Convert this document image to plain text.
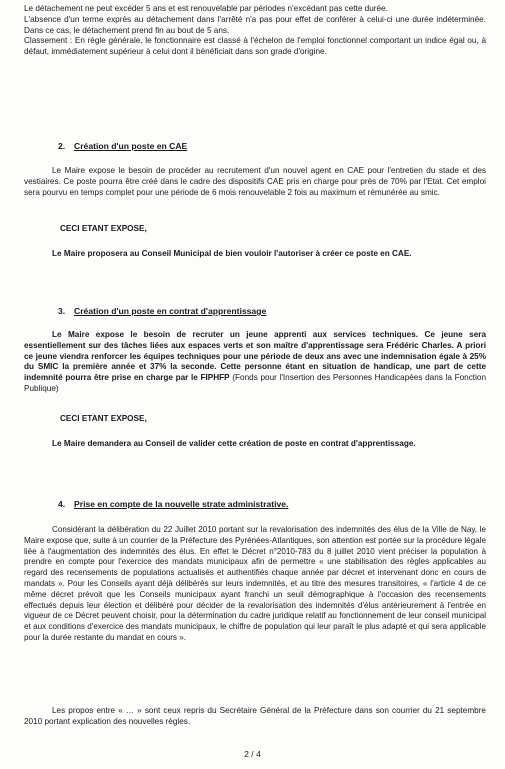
Le détachement ne peut excéder 5 ans et est renouvelable par périodes n'excédant pas cette durée.

L'absence d'un terme exprès au détachement dans l'arrêté n'a pas pour effet de conférer à celui-ci une durée indéterminée. Dans ce cas, le détachement prend fin au bout de 5 ans.

Classement : En règle générale, le fonctionnaire est classé à l'échelon de l'emploi fonctionnel comportant un indice égal ou, à défaut, immédiatement supérieur à celui dont il bénéficiait dans son grade d'origine.

2. Création d'un poste en CAE

Le Maire expose le besoin de procéder au recrutement d'un nouvel agent en CAE pour l'entretien du stade et des vestiaires. Ce poste pourra être créé dans le cadre des dispositifs CAE pris en charge pour près de 70% par l'Etat. Cet emploi sera pourvu en temps complet pour une période de 6 mois renouvelable 2 fois au maximum et rémunérée au smic.

CECI ETANT EXPOSE,

Le Maire proposera au Conseil Municipal de bien vouloir l'autoriser à créer ce poste en CAE.

3. Création d'un poste en contrat d'apprentissage

Le Maire expose le besoin de recruter un jeune apprenti aux services techniques. Ce jeune sera essentiellement sur des tâches liées aux espaces verts et son maître d'apprentissage sera Frédéric Charles. A priori ce jeune viendra renforcer les équipes techniques pour une période de deux ans avec une indemnisation égale à 25% du SMIC la première année et 37% la seconde. Cette personne étant en situation de handicap, une part de cette indemnité pourra être prise en charge par le FIPHFP (Fonds pour l'Insertion des Personnes Handicapées dans la Fonction Publique)

CECI ETANT EXPOSE,

Le Maire demandera au Conseil de valider cette création de poste en contrat d'apprentissage.

4. Prise en compte de la nouvelle strate administrative.

Considérant la délibération du 22 Juillet 2010 portant sur la revalorisation des indemnités des élus de la Ville de Nay, le Maire expose que, suite à un courrier de la Préfecture des Pyrénées-Atlantiques, son attention est portée sur la procédure légale liée à l'augmentation des indemnités des élus. En effet le Décret n°2010-783 du 8 juillet 2010 vient préciser la population à prendre en compte pour l'exercice des mandats municipaux afin de permettre « une stabilisation des règles applicables au regard des recensements de populations actualisés et authentifiés chaque année par décret et intervenant donc en cours de mandats ». Pour les Conseils ayant déjà délibérés sur leurs indemnités, et au titre des mesures transitoires, « l'article 4 de ce même décret prévoit que les Conseils municipaux ayant franchi un seuil démographique à l'occasion des recensements effectués depuis leur élection et délibéré pour décider de la revalorisation des indemnités d'élus antérieurement à l'entrée en vigueur de ce Décret peuvent choisir, pour la détermination du cadre juridique relatif au fonctionnement de leur conseil municipal et aux conditions d'exercice des mandats municipaux, le chiffre de population qui leur paraît le plus adapté et qui sera applicable pour la durée restante du mandat en cours ».

Les propos entre « … » sont ceux repris du Secrétaire Général de la Préfecture dans son courrier du 21 septembre 2010 portant explication des nouvelles règles.

2 / 4
